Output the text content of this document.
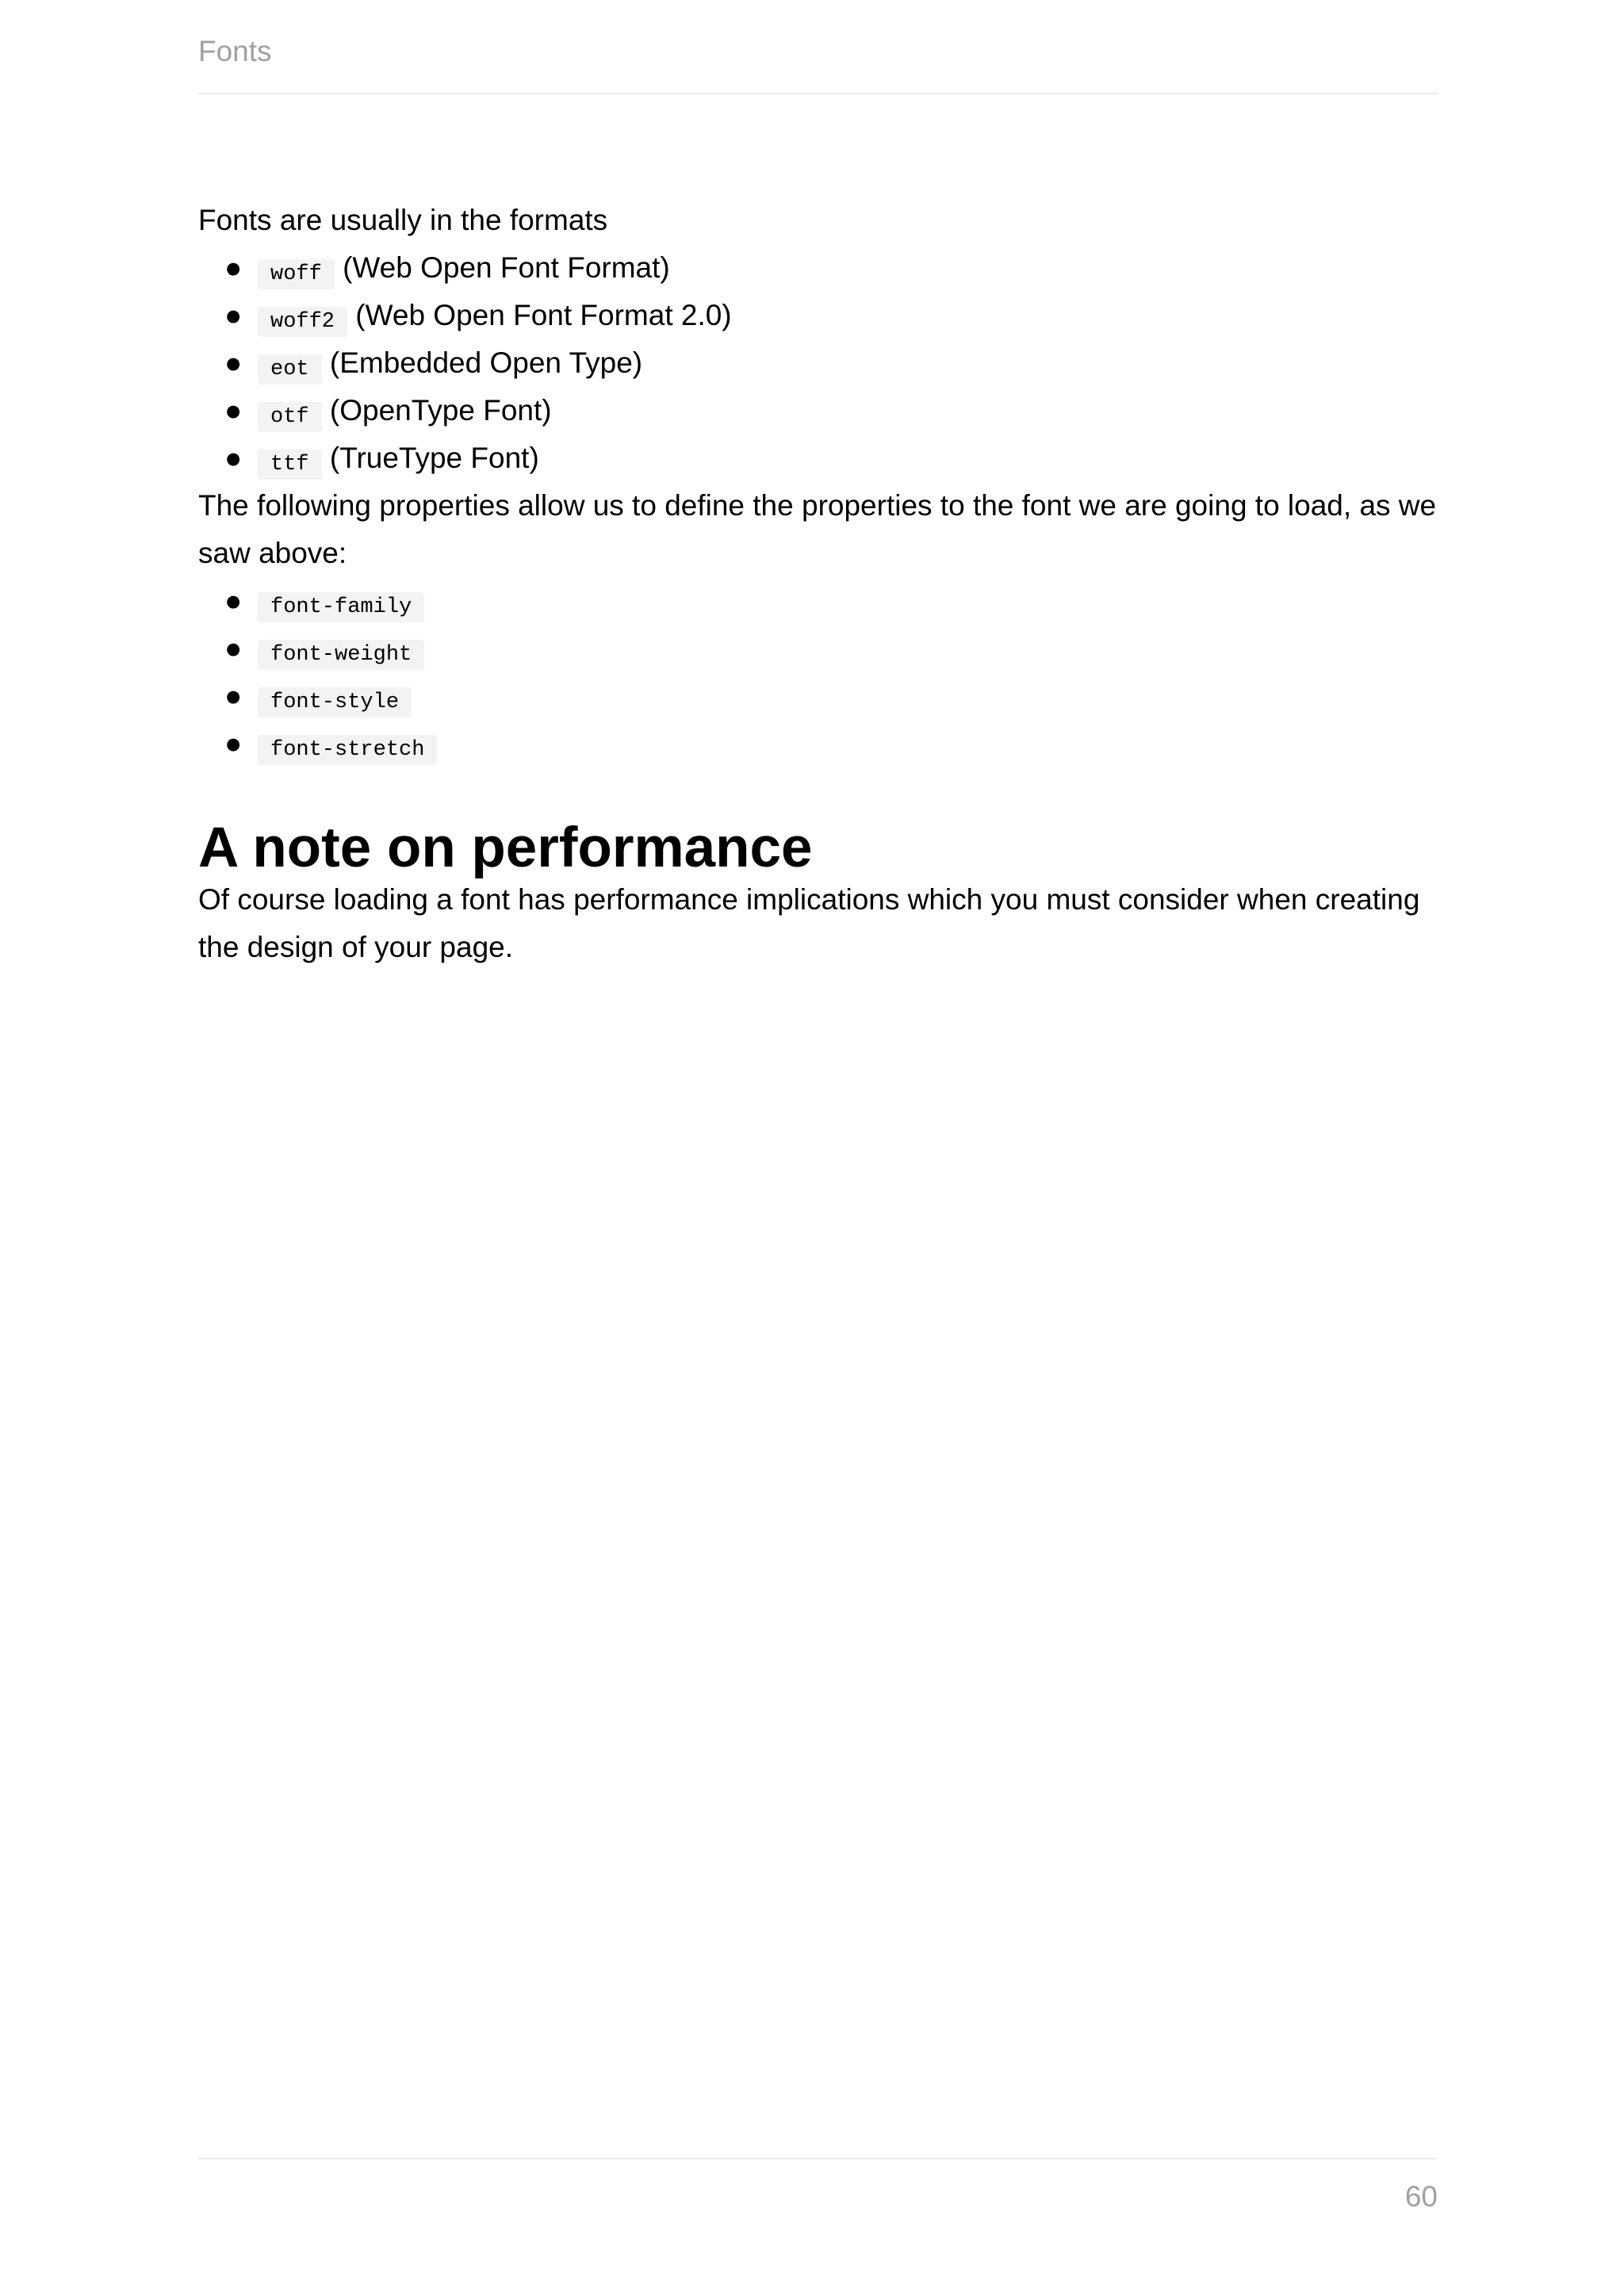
Fonts

Fonts are usually in the formats

● woff (Web Open Font Format)
● woff2 (Web Open Font Format 2.0)
● eot (Embedded Open Type)
● otf (OpenType Font)
● ttf (TrueType Font)

The following properties allow us to define the properties to the font we are going to load, as we saw above:

● font-family
● font-weight
● font-style
● font-stretch
A note on performance

Of course loading a font has performance implications which you must consider when creating the design of your page.

60
